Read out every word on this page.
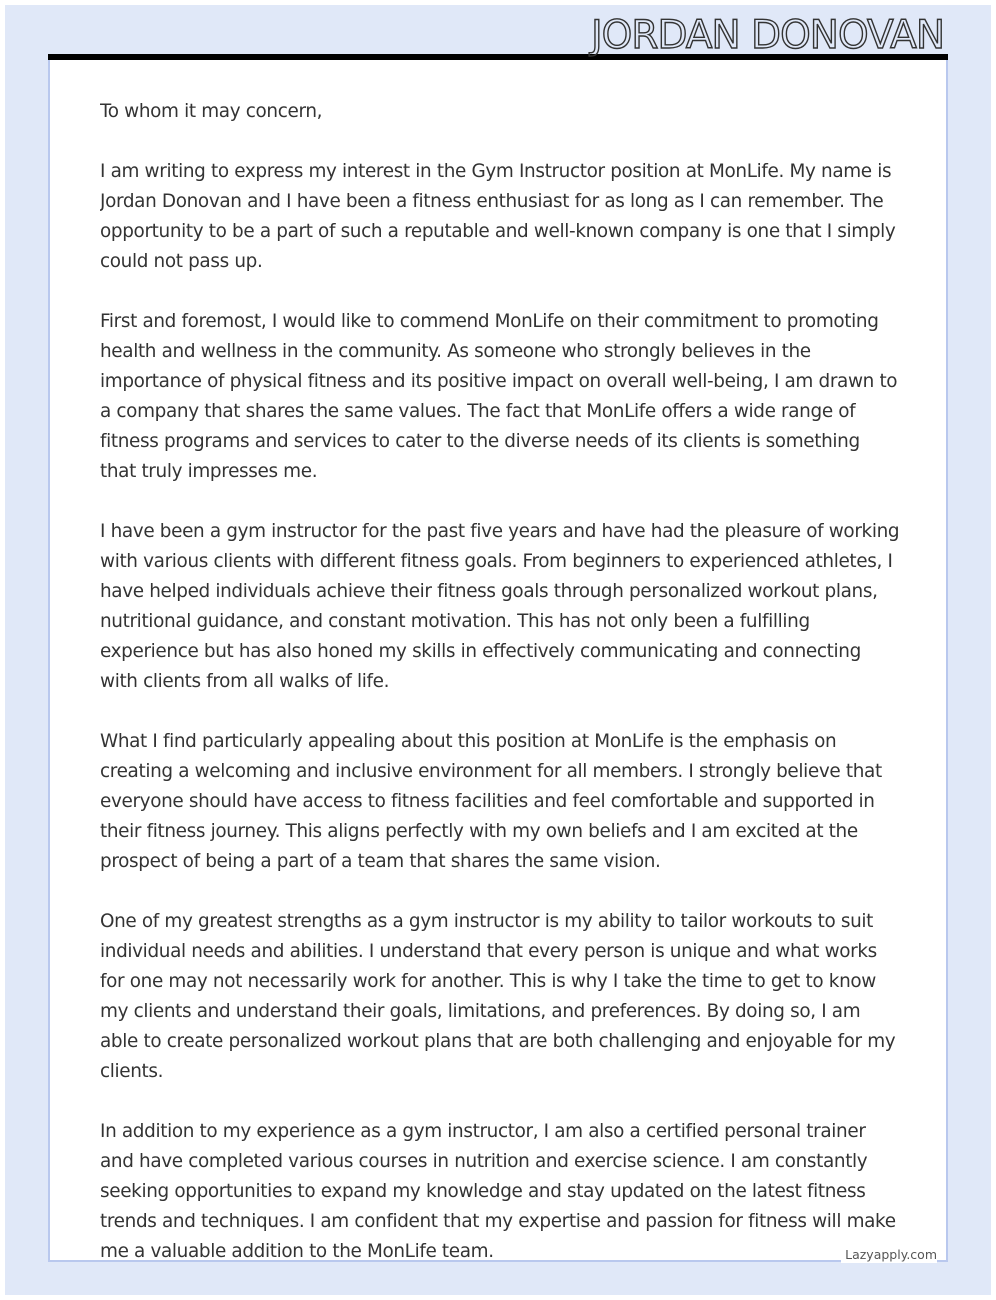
JORDAN DONOVAN

To whom it may concern,

I am writing to express my interest in the Gym Instructor position at MonLife. My name is Jordan Donovan and I have been a fitness enthusiast for as long as I can remember. The opportunity to be a part of such a reputable and well-known company is one that I simply could not pass up.

First and foremost, I would like to commend MonLife on their commitment to promoting health and wellness in the community. As someone who strongly believes in the importance of physical fitness and its positive impact on overall well-being, I am drawn to a company that shares the same values. The fact that MonLife offers a wide range of fitness programs and services to cater to the diverse needs of its clients is something that truly impresses me.

I have been a gym instructor for the past five years and have had the pleasure of working with various clients with different fitness goals. From beginners to experienced athletes, I have helped individuals achieve their fitness goals through personalized workout plans, nutritional guidance, and constant motivation. This has not only been a fulfilling experience but has also honed my skills in effectively communicating and connecting with clients from all walks of life.

What I find particularly appealing about this position at MonLife is the emphasis on creating a welcoming and inclusive environment for all members. I strongly believe that everyone should have access to fitness facilities and feel comfortable and supported in their fitness journey. This aligns perfectly with my own beliefs and I am excited at the prospect of being a part of a team that shares the same vision.

One of my greatest strengths as a gym instructor is my ability to tailor workouts to suit individual needs and abilities. I understand that every person is unique and what works for one may not necessarily work for another. This is why I take the time to get to know my clients and understand their goals, limitations, and preferences. By doing so, I am able to create personalized workout plans that are both challenging and enjoyable for my clients.

In addition to my experience as a gym instructor, I am also a certified personal trainer and have completed various courses in nutrition and exercise science. I am constantly seeking opportunities to expand my knowledge and stay updated on the latest fitness trends and techniques. I am confident that my expertise and passion for fitness will make me a valuable addition to the MonLife team.	Lazyapply.com
